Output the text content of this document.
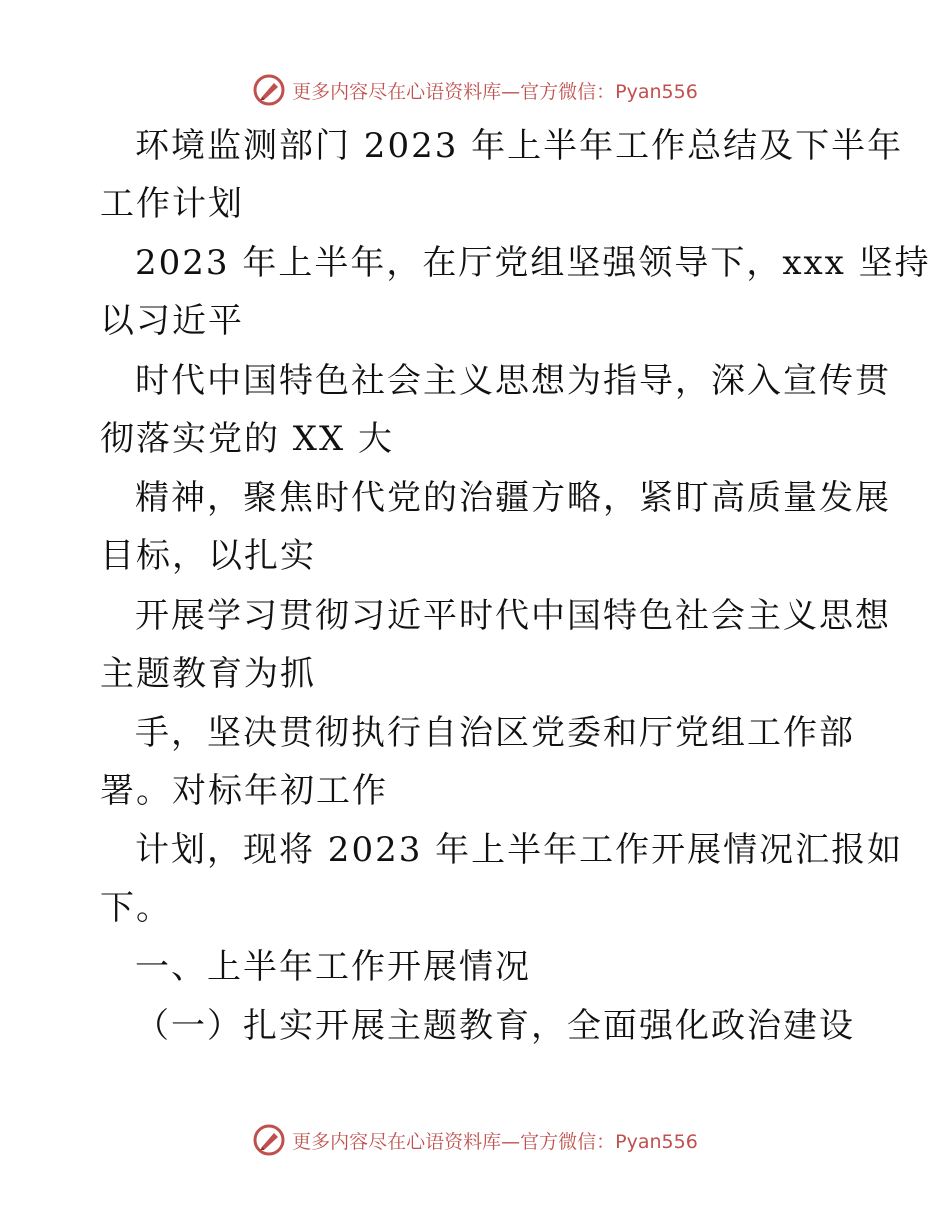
更多内容尽在心语资料库—官方微信：Pyan556
环境监测部门 2023 年上半年工作总结及下半年
工作计划
2023 年上半年，在厅党组坚强领导下，xxx 坚持
以习近平
时代中国特色社会主义思想为指导，深入宣传贯
彻落实党的 XX 大
精神，聚焦时代党的治疆方略，紧盯高质量发展
目标，以扎实
开展学习贯彻习近平时代中国特色社会主义思想
主题教育为抓
手，坚决贯彻执行自治区党委和厅党组工作部
署。对标年初工作
计划，现将 2023 年上半年工作开展情况汇报如
下。
一、上半年工作开展情况
（一）扎实开展主题教育，全面强化政治建设
更多内容尽在心语资料库—官方微信：Pyan556
